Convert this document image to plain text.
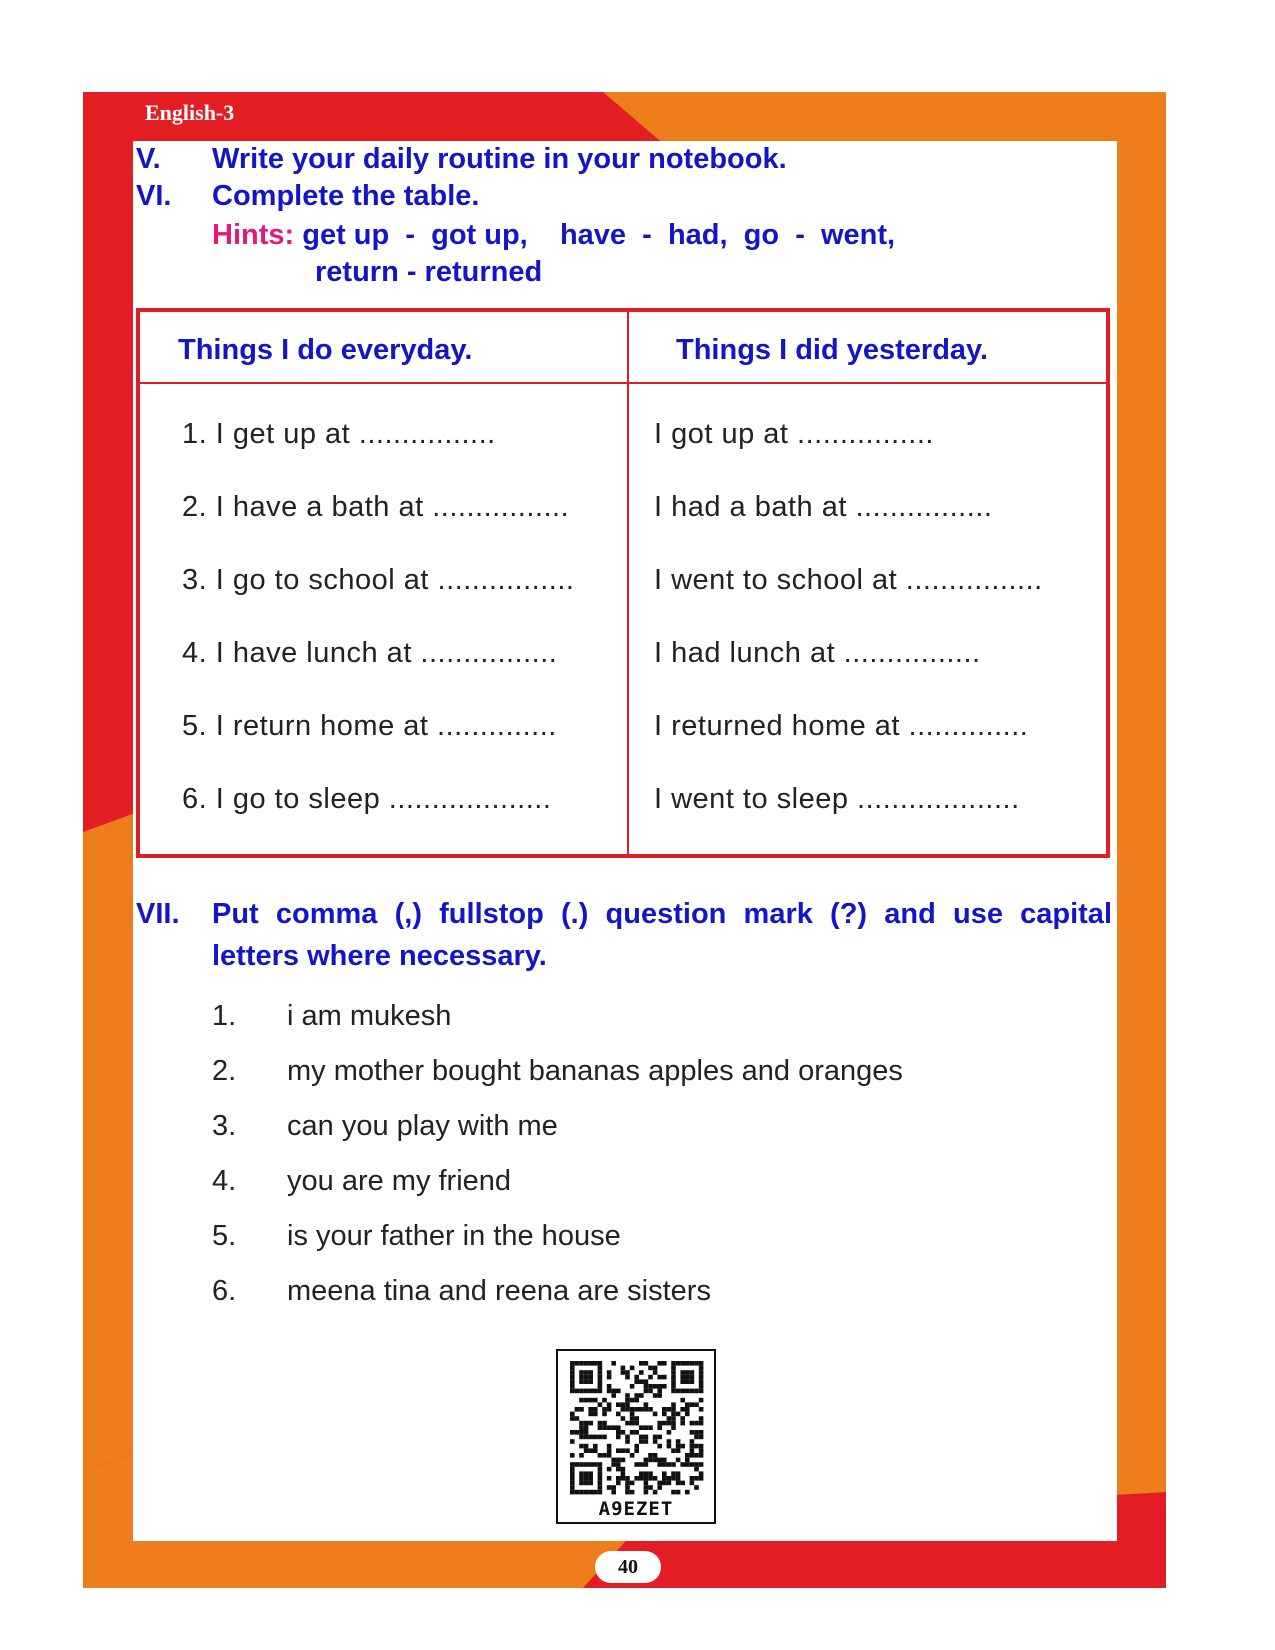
English-3
V. Write your daily routine in your notebook.
VI. Complete the table.
Hints: get up  -  got up,    have  -  had,  go  -  went,
return - returned
Things I do everyday.	Things I did yesterday.
1. I get up at ................	I got up at ................
2. I have a bath at ................	I had a bath at ................
3. I go to school at ................	I went to school at ................
4. I have lunch at ................	I had lunch at ................
5. I return home at ..............	I returned home at ..............
6. I go to sleep ...................	I went to sleep ...................
VII. Put comma (,) fullstop (.) question mark (?) and use capital letters where necessary.
1. i am mukesh
2. my mother bought bananas apples and oranges
3. can you play with me
4. you are my friend
5. is your father in the house
6. meena tina and reena are sisters
A9EZET
40
